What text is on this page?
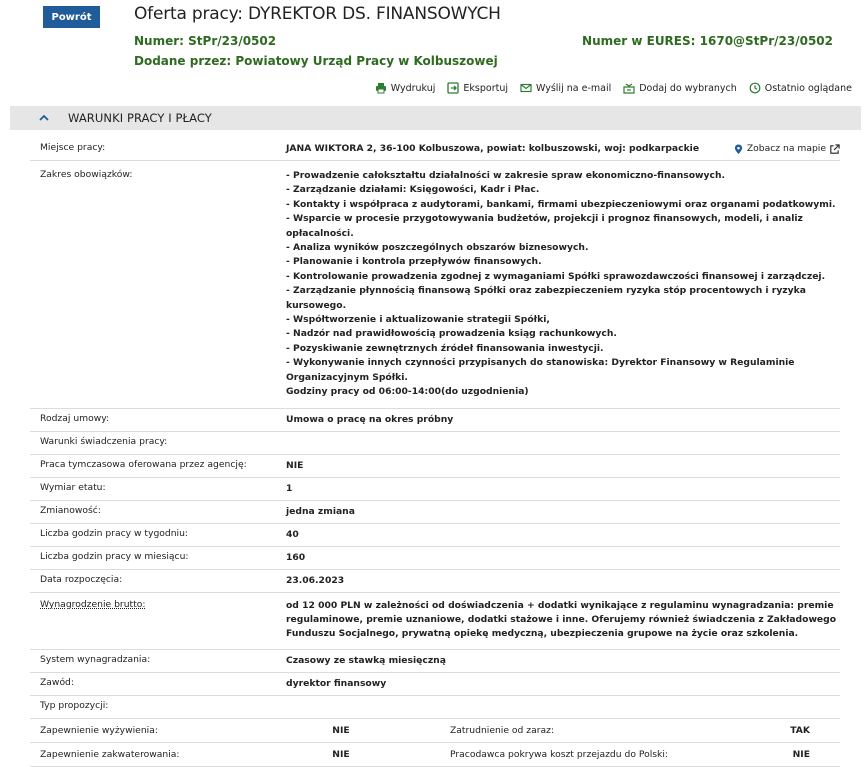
Powrót	Oferta pracy: DYREKTOR DS. FINANSOWYCH
Numer: StPr/23/0502	Numer w EURES: 1670@StPr/23/0502
Dodane przez: Powiatowy Urząd Pracy w Kolbuszowej
Wydrukuj	Eksportuj	Wyślij na e-mail	Dodaj do wybranych	Ostatnio oglądane
WARUNKI PRACY I PŁACY
Miejsce pracy:	JANA WIKTORA 2, 36-100 Kolbuszowa, powiat: kolbuszowski, woj: podkarpackie	Zobacz na mapie
Zakres obowiązków:	- Prowadzenie całokształtu działalności w zakresie spraw ekonomiczno-finansowych.
- Zarządzanie działami: Księgowości, Kadr i Płac.
- Kontakty i współpraca z audytorami, bankami, firmami ubezpieczeniowymi oraz organami podatkowymi.
- Wsparcie w procesie przygotowywania budżetów, projekcji i prognoz finansowych, modeli, i analiz opłacalności.
- Analiza wyników poszczególnych obszarów biznesowych.
- Planowanie i kontrola przepływów finansowych.
- Kontrolowanie prowadzenia zgodnej z wymaganiami Spółki sprawozdawczości finansowej i zarządczej.
- Zarządzanie płynnością finansową Spółki oraz zabezpieczeniem ryzyka stóp procentowych i ryzyka kursowego.
- Współtworzenie i aktualizowanie strategii Spółki,
- Nadzór nad prawidłowością prowadzenia ksiąg rachunkowych.
- Pozyskiwanie zewnętrznych źródeł finansowania inwestycji.
- Wykonywanie innych czynności przypisanych do stanowiska: Dyrektor Finansowy w Regulaminie Organizacyjnym Spółki.
Godziny pracy od 06:00-14:00(do uzgodnienia)
Rodzaj umowy:	Umowa o pracę na okres próbny
Warunki świadczenia pracy:
Praca tymczasowa oferowana przez agencję:	NIE
Wymiar etatu:	1
Zmianowość:	jedna zmiana
Liczba godzin pracy w tygodniu:	40
Liczba godzin pracy w miesiącu:	160
Data rozpoczęcia:	23.06.2023
Wynagrodzenie brutto:	od 12 000 PLN w zależności od doświadczenia + dodatki wynikające z regulaminu wynagradzania: premie regulaminowe, premie uznaniowe, dodatki stażowe i inne. Oferujemy również świadczenia z Zakładowego Funduszu Socjalnego, prywatną opiekę medyczną, ubezpieczenia grupowe na życie oraz szkolenia.
System wynagradzania:	Czasowy ze stawką miesięczną
Zawód:	dyrektor finansowy
Typ propozycji:
Zapewnienie wyżywienia:	NIE	Zatrudnienie od zaraz:	TAK
Zapewnienie zakwaterowania:	NIE	Pracodawca pokrywa koszt przejazdu do Polski:	NIE
